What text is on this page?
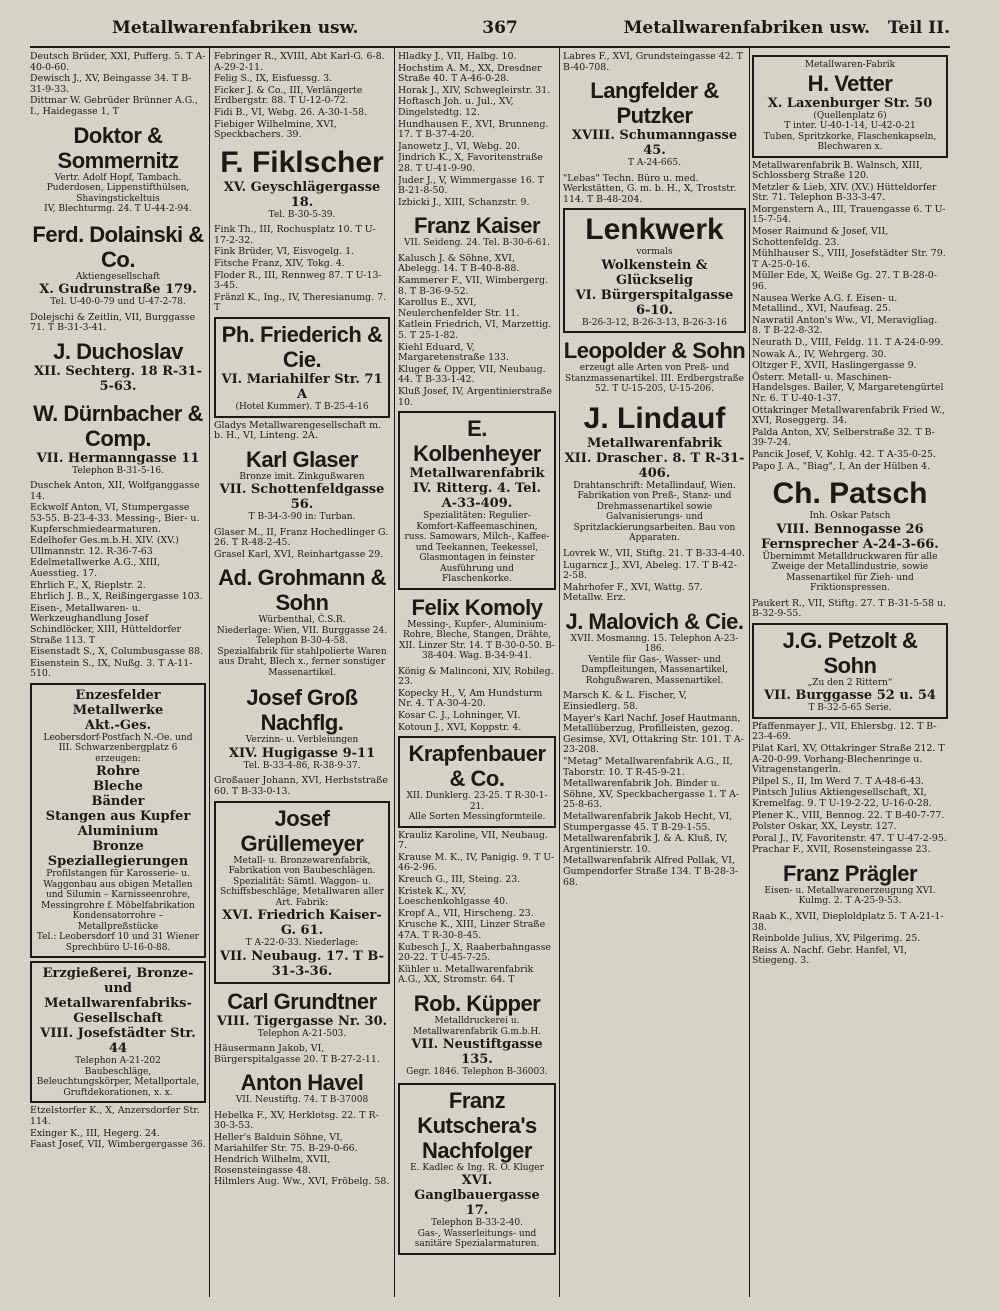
Metallwarenfabriken usw.	367	Metallwarenfabriken usw. Teil II.
Deutsch Brüder, XXI, Pufferg. 5. T A-40-0-60.
Dewisch J., XV, Beingasse 34. T B-31-9-33.
Dittmar W. Gebrüder Brünner A.G., I., Haidegasse 1, T
Doktor & Sommernitz
Vertr. Adolf Hopf, Tambach. Puderdosen, Lippenstifthülsen, Shavingstickeltuis
IV, Blechturmg. 24. T U-44-2-94.
Ferd. Dolainski & Co.
Aktiengesellschaft
X. Gudrunstraße 179.
Tel. U-40-0-79 und U-47-2-78.
Dolejschi & Zeitlin, VII, Burggasse 71. T B-31-3-41.
J. Duchoslav
XII. Sechterg. 18 R-31-5-63.
W. Dürnbacher & Comp.
VII. Hermanngasse 11
Telephon B-31-5-16.
Duschek Anton, XII, Wolfganggasse 14.
Eckwolf Anton, VI, Stumpergasse 53-55. B-23-4-33. Messing-, Bier- u. Kupferschmiedearmaturen.
Edelhofer Ges.m.b.H. XIV. (XV.) Ullmannstr. 12. R-36-7-63
Edelmetallwerke A.G., XIII, Auesstieg. 17.
Ehrlich F., X, Rieplstr. 2.
Ehrlich J. B., X, Reißingergasse 103.
Eisen-, Metallwaren- u. Werkzeughandlung Josef Schindlöcker, XIII, Hütteldorfer Straße 113. T
Eisenstadt S., X, Columbusgasse 88.
Eisenstein S., IX, Nußg. 3. T A-11-510.
Enzesfelder Metallwerke
Akt.-Ges.
Leobersdorf-Postfach N.-Oe. und III. Schwarzenbergplatz 6
erzeugen:
Rohre
Bleche
Bänder
Stangen aus Kupfer
Aluminium
Bronze
Speziallegierungen
Profilstangen für Karosserie- u. Waggonbau aus obigen Metallen und Silumin – Karnisseenrohre, Messingrohre f. Möbelfabrikation Kondensatorrohre – Metallpreßstücke
Tel.: Leobersdorf 10 und 31 Wiener Sprechbüro U-16-0-88.
Erzgießerei, Bronze- und Metallwarenfabriks-Gesellschaft
VIII. Josefstädter Str. 44
Telephon A-21-202
Baubeschläge, Beleuchtungskörper, Metallportale, Gruftdekorationen, x. x.
Etzelstorfer K., X, Anzersdorfer Str. 114.
Exinger K., III, Hegerg. 24.
Faast Josef, VII, Wimbergergasse 36.
Febringer R., XVIII, Abt Karl-G. 6-8. A-29-2-11.
Felig S., IX, Eisfuessg. 3.
Ficker J. & Co., III, Verlängerte Erdbergstr. 88. T U-12-0-72.
Fidi B., VI, Webg. 26. A-30-1-58.
Fiebiger Wilhelmine, XVI, Speckbachers. 39.
F. Fiklscher
XV. Geyschlägergasse 18.
Tel. B-30-5-39.
Fink Th., III, Rochusplatz 10. T U-17-2-32.
Fink Brüder, VI, Eisvogelg. 1.
Fitsche Franz, XIV, Tokg. 4.
Floder R., III, Rennweg 87. T U-13-3-45.
Fränzl K., Ing., IV, Theresianumg. 7. T
Ph. Friederich & Cie.
VI. Mariahilfer Str. 71 A
(Hotel Kummer). T B-25-4-16
Gladys Metallwarengesellschaft m. b. H., VI, Linteng. 2A.
Karl Glaser
Bronze imit. Zinkgußwaren
VII. Schottenfeldgasse 56.
T B-34-3-90 in: Turban.
Glaser M., II, Franz Hochedlinger G. 26. T R-48-2-45.
Grasel Karl, XVI, Reinhartgasse 29.
Ad. Grohmann & Sohn
Würbenthal, Č.S.R.
Niederlage: Wien, VII. Burggasse 24. Telephon B-30-4-58.
Spezialfabrik für stahlpolierte Waren aus Draht, Blech x., ferner sonstiger Massenartikel.
Josef Groß Nachflg.
Verzinn- u. Verbleiungen
XIV. Hugigasse 9-11
Tel. B-33-4-86, R-38-9-37.
Großauer Johann, XVI, Herbststraße 60. T B-33-0-13.
Josef Grüllemeyer
Metall- u. Bronzewarenfabrik, Fabrikation von Baubeschlägen. Spezialität: Sämtl. Waggon- u. Schiffsbeschläge, Metallwaren aller Art. Fabrik:
XVI. Friedrich Kaiser-G. 61.
T A-22-0-33. Niederlage:
VII. Neubaug. 17. T B-31-3-36.
Carl Grundtner
VIII. Tigergasse Nr. 30.
Telephon A-21-503.
Häusermann Jakob, VI, Bürgerspitalgasse 20. T B-27-2-11.
Anton Havel
VII. Neustiftg. 74. T B-37008
Hebelka F., XV, Herklotsg. 22. T R-30-3-53.
Heller's Balduin Söhne, VI, Mariahilfer Str. 75. B-29-0-66.
Hendrich Wilhelm, XVII, Rosensteingasse 48.
Hilmlers Aug. Ww., XVI, Fröbelg. 58.
Hladky J., VII, Halbg. 10.
Hochstim A. M., XX, Dresdner Straße 40. T A-46-0-28.
Horak J., XIV, Schwegleirstr. 31.
Hoftasch Joh. u. Jul., XV, Dingelstedtg. 12.
Hundhausen F., XVI, Brunneng. 17. T B-37-4-20.
Janowetz J., VI, Webg. 20.
Jindrich K., X, Favoritenstraße 28. T U-41-9-90.
Juder J., V, Wimmergasse 16. T B-21-8-50.
Izbicki J., XIII, Schanzstr. 9.
Franz Kaiser
VII. Seideng. 24. Tel. B-30-6-61.
Kalusch J. & Söhne, XVI, Abelegg. 14. T B-40-8-88.
Kammerer F., VII, Wimbergerg. 8. T B-36-9-52.
Karollus E., XVI, Neulerchenfelder Str. 11.
Katlein Friedrich, VI, Marzettig. 5. T 25-1-82.
Kiehl Eduard, V, Margaretenstraße 133.
Kluger & Opper, VII, Neubaug. 44. T B-33-1-42.
Kluß Josef, IV, Argentinierstraße 10.
E. Kolbenheyer
Metallwarenfabrik
IV. Ritterg. 4. Tel. A-33-409.
Spezialitäten: Regulier-Komfort-Kaffeemaschinen, russ. Samowars, Milch-, Kaffee- und Teekannen, Teekessel, Glasmontagen in feinster Ausführung und Flaschenkorke.
Felix Komoly
Messing-, Kupfer-, Aluminium-Rohre, Bleche, Stangen, Drähte, XII. Linzer Str. 14. T B-30-0-50. B-38-404. Wag. B-34-9-41.
König & Malinconi, XIV, Robileg. 23.
Kopecky H., V, Am Hundsturm Nr. 4. T A-30-4-20.
Kosar C. J., Lohninger, VI.
Kotoun J., XVI, Koppstr. 4.
Krapfenbauer & Co.
XII. Dunklerg. 23-25. T R-30-1-21.
Alle Sorten Messingformteile.
Krauliz Karoline, VII, Neubaug. 7.
Krause M. K., IV, Panigig. 9. T U-46-2-96.
Kreuch G., III, Steing. 23.
Kristek K., XV, Loeschenkohlgasse 40.
Kropf A., VII, Hirscheng. 23.
Krusche K., XIII, Linzer Straße 47A. T R-30-8-45.
Kubesch J., X, Raaberbahngasse 20-22. T U-45-7-25.
Kühler u. Metallwarenfabrik A.G., XX, Stromstr. 64. T
Rob. Küpper
Metalldruckerei u. Metallwarenfabrik G.m.b.H.
VII. Neustiftgasse 135.
Gegr. 1846. Telephon B-36003.
Franz Kutschera's Nachfolger
E. Kadlec & Ing. R. O. Kluger
XVI. Ganglbauergasse 17.
Telephon B-33-2-40.
Gas-, Wasserleitungs- und sanitäre Spezialarmaturen.
Labres F., XVI, Grundsteingasse 42. T B-40-708.
Langfelder & Putzker
XVIII. Schumanngasse 45.
T A-24-665.
"Lebas" Techn. Büro u. med. Werkstätten, G. m. b. H., X, Troststr. 114. T B-48-204.
Lenkwerk
vormals
Wolkenstein & Glückselig
VI. Bürgerspitalgasse 6-10.
B-26-3-12, B-26-3-13, B-26-3-16
Leopolder & Sohn
erzeugt alle Arten von Preß- und Stanzmassenartikel. III. Erdbergstraße 52. T U-15-205, U-15-206.
J. Lindauf
Metallwarenfabrik
XII. Draschег. 8. T R-31-406.
Drahtanschrift: Metallindauf, Wien.
Fabrikation von Preß-, Stanz- und Drehmassenartikel sowie Galvanisierungs- und Spritzlackierungsarbeiten. Bau von Apparaten.
Lovrek W., VII, Stiftg. 21. T B-33-4-40.
Lugarncz J., XVI, Abeleg. 17. T B-42-2-58.
Mahrhofer F., XVI, Wattg. 57. Metallw. Erz.
J. Malovich & Cie.
XVII. Mosmanng. 15. Telephon A-23-186.
Ventile für Gas-, Wasser- und Dampfleitungen, Massenartikel, Rohgußwaren, Massenartikel.
Marsch K. & L. Fischer, V, Einsiedlerg. 58.
Mayer's Karl Nachf. Josef Hautmann, Metallüberzug, Profilleisten, gezog. Gesimse, XVI, Ottakring Str. 101. T A-23-208.
"Metag" Metallwarenfabrik A.G., II, Taborstr. 10. T R-45-9-21.
Metallwarenfabrik Joh. Binder u. Söhne, XV, Speckbachergasse 1. T A-25-8-63.
Metallwarenfabrik Jakob Hecht, VI, Stumpergasse 45. T B-29-1-55.
Metallwarenfabrik J. & A. Kluß, IV, Argentinierstr. 10.
Metallwarenfabrik Alfred Pollak, VI, Gumpendorfer Straße 134. T B-28-3-68.
Metallwaren-Fabrik
H. Vetter
X. Laxenburger Str. 50
(Quellenplatz 6)
T inter. U-40-1-14, U-42-0-21
Tuben, Spritzkorke, Flaschenkapseln, Blechwaren x.
Metallwarenfabrik B. Walnsch, XIII, Schlossberg Straße 120.
Metzler & Lieb, XIV. (XV.) Hütteldorfer Str. 71. Telephon B-33-3-47.
Morgenstern A., III, Trauengasse 6. T U-15-7-54.
Moser Raimund & Josef, VII, Schottenfeldg. 23.
Mühlhauser S., VIII, Josefstädter Str. 79. T A-25-0-16.
Müller Ede, X, Weiße Gg. 27. T B-28-0-96.
Nausea Werke A.G. f. Eisen- u. Metallind., XVI, Naufeag. 25.
Nawratil Anton's Ww., VI, Meravigliag. 8. T B-22-8-32.
Neurath D., VIII, Feldg. 11. T A-24-0-99.
Nowak A., IV, Wehrgerg. 30.
Oltzger F., XVII, Haslingergasse 9.
Österr. Metall- u. Maschinen-Handelsges. Bailer, V, Margaretengürtel Nr. 6. T U-40-1-37.
Ottakringer Metallwarenfabrik Fried W., XVI, Roseggerg. 34.
Palda Anton, XV, Selberstraße 32. T B-39-7-24.
Pancik Josef, V, Kohlg. 42. T A-35-0-25.
Papo J. A., "Biag", I, An der Hülben 4.
Ch. Patsch
Inh. Oskar Patsch
VIII. Bennogasse 26
Fernsprecher A-24-3-66.
Übernimmt Metalldruckwaren für alle Zweige der Metallindustrie, sowie Massenartikel für Zieh- und Friktionspressen.
Paukert R., VII, Stiftg. 27. T B-31-5-58 u. B-32-9-55.
J.G. Petzolt & Sohn
„Zu den 2 Rittern“
VII. Burggasse 52 u. 54
T B-32-5-65 Serie.
Pfaffenmayer J., VII, Ehlersbg. 12. T B-23-4-69.
Pilat Karl, XV, Ottakringer Straße 212. T A-20-0-99. Vorhang-Blechenringe u. Vitragenstangerln.
Pilpel S., II, Im Werd 7. T A-48-6-43.
Pintsch Julius Aktiengesellschaft, XI, Kremelfag. 9. T U-19-2-22, U-16-0-28.
Plener K., VIII, Bennog. 22. T B-40-7-77.
Polster Oskar, XX, Leystr. 127.
Poral J., IV, Favoritenstr. 47. T U-47-2-95.
Prachar F., XVII, Rosensteingasse 23.
Franz Prägler
Eisen- u. Metallwarenerzeugung XVI. Kulmg. 2. T A-25-9-53.
Raab K., XVII, Dieploldplatz 5. T A-21-1-38.
Reinbolde Julius, XV, Pilgerimg. 25.
Reiss A. Nachf. Gebr. Hanfel, VI, Stiegeng. 3.
